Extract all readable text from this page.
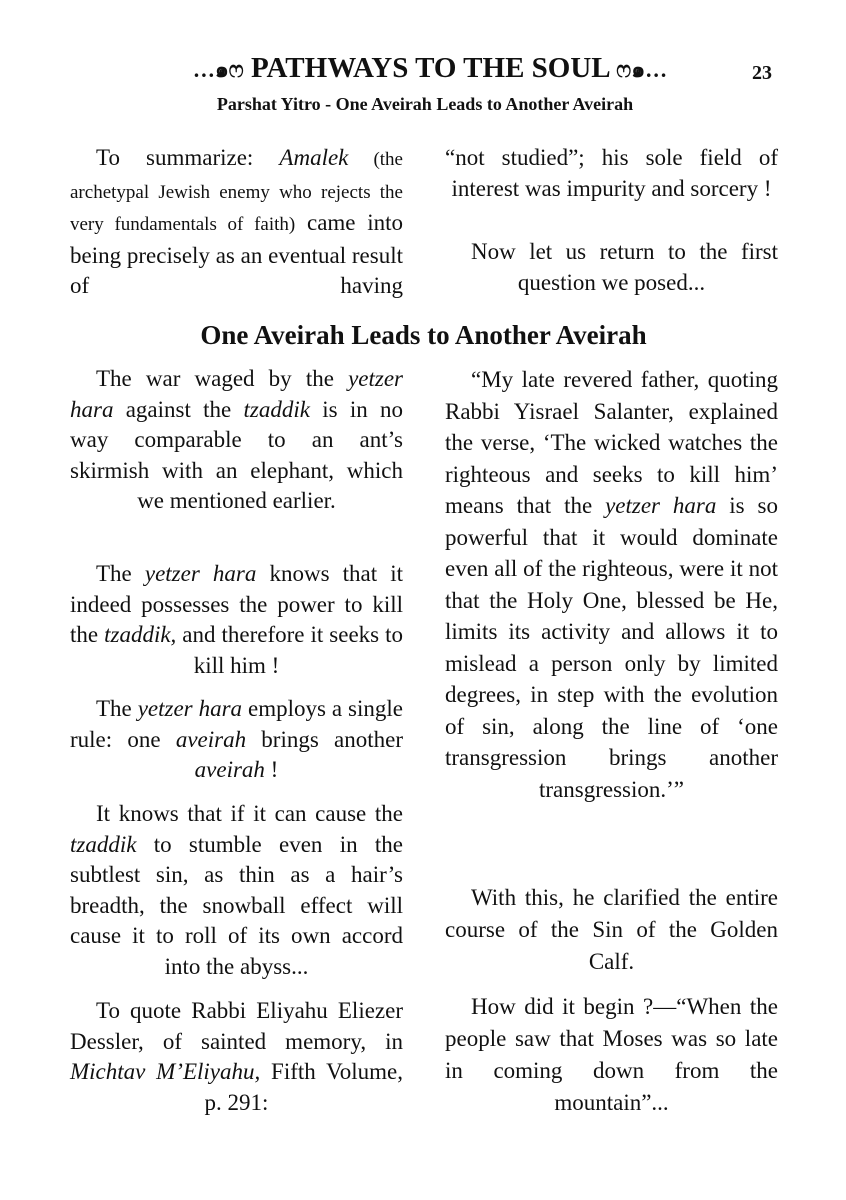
…๑ෆ PATHWAYS TO THE SOUL ෆ๑…	23
Parshat Yitro - One Aveirah Leads to Another Aveirah
To summarize: Amalek (the archetypal Jewish enemy who rejects the very fundamentals of faith) came into being precisely as an eventual result of having
“not studied”; his sole field of interest was impurity and sorcery !
Now let us return to the first question we posed...
One Aveirah Leads to Another Aveirah
The war waged by the yetzer hara against the tzaddik is in no way comparable to an ant’s skirmish with an elephant, which we mentioned earlier.
The yetzer hara knows that it indeed possesses the power to kill the tzaddik, and therefore it seeks to kill him !
The yetzer hara employs a single rule: one aveirah brings another aveirah !
It knows that if it can cause the tzaddik to stumble even in the subtlest sin, as thin as a hair’s breadth, the snowball effect will cause it to roll of its own accord into the abyss...
To quote Rabbi Eliyahu Eliezer Dessler, of sainted memory, in Michtav M’Eliyahu, Fifth Volume, p. 291:
“My late revered father, quoting Rabbi Yisrael Salanter, explained the verse, ‘The wicked watches the righteous and seeks to kill him’ means that the yetzer hara is so powerful that it would dominate even all of the righteous, were it not that the Holy One, blessed be He, limits its activity and allows it to mislead a person only by limited degrees, in step with the evolution of sin, along the line of ‘one transgression brings another transgression.’”
With this, he clarified the entire course of the Sin of the Golden Calf.
How did it begin ?—“When the people saw that Moses was so late in coming down from the mountain”...
